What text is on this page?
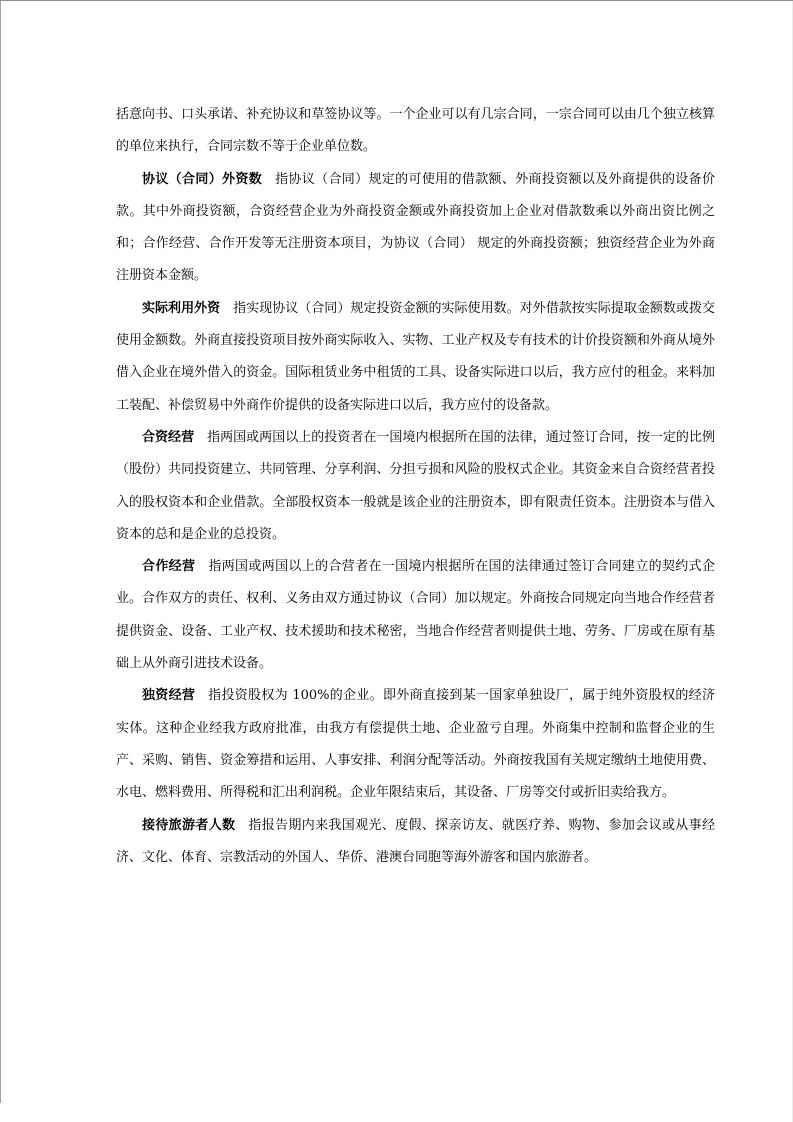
括意向书、口头承诺、补充协议和草签协议等。一个企业可以有几宗合同，一宗合同可以由几个独立核算的单位来执行，合同宗数不等于企业单位数。

协议（合同）外资数 指协议（合同）规定的可使用的借款额、外商投资额以及外商提供的设备价款。其中外商投资额，合资经营企业为外商投资金额或外商投资加上企业对借款数乘以外商出资比例之和；合作经营、合作开发等无注册资本项目，为协议（合同） 规定的外商投资额；独资经营企业为外商注册资本金额。

实际利用外资 指实现协议（合同）规定投资金额的实际使用数。对外借款按实际提取金额数或拨交使用金额数。外商直接投资项目按外商实际收入、实物、工业产权及专有技术的计价投资额和外商从境外借入企业在境外借入的资金。国际租赁业务中租赁的工具、设备实际进口以后，我方应付的租金。来料加工装配、补偿贸易中外商作价提供的设备实际进口以后，我方应付的设备款。

合资经营 指两国或两国以上的投资者在一国境内根据所在国的法律，通过签订合同，按一定的比例（股份）共同投资建立、共同管理、分享利润、分担亏损和风险的股权式企业。其资金来自合资经营者投入的股权资本和企业借款。全部股权资本一般就是该企业的注册资本，即有限责任资本。注册资本与借入资本的总和是企业的总投资。

合作经营 指两国或两国以上的合营者在一国境内根据所在国的法律通过签订合同建立的契约式企业。合作双方的责任、权利、义务由双方通过协议（合同）加以规定。外商按合同规定向当地合作经营者提供资金、设备、工业产权、技术援助和技术秘密，当地合作经营者则提供土地、劳务、厂房或在原有基础上从外商引进技术设备。

独资经营 指投资股权为 100%的企业。即外商直接到某一国家单独设厂，属于纯外资股权的经济实体。这种企业经我方政府批准，由我方有偿提供土地、企业盈亏自理。外商集中控制和监督企业的生产、采购、销售、资金筹措和运用、人事安排、利润分配等活动。外商按我国有关规定缴纳土地使用费、水电、燃料费用、所得税和汇出利润税。企业年限结束后，其设备、厂房等交付或折旧卖给我方。

接待旅游者人数 指报告期内来我国观光、度假、探亲访友、就医疗养、购物、参加会议或从事经济、文化、体育、宗教活动的外国人、华侨、港澳台同胞等海外游客和国内旅游者。
